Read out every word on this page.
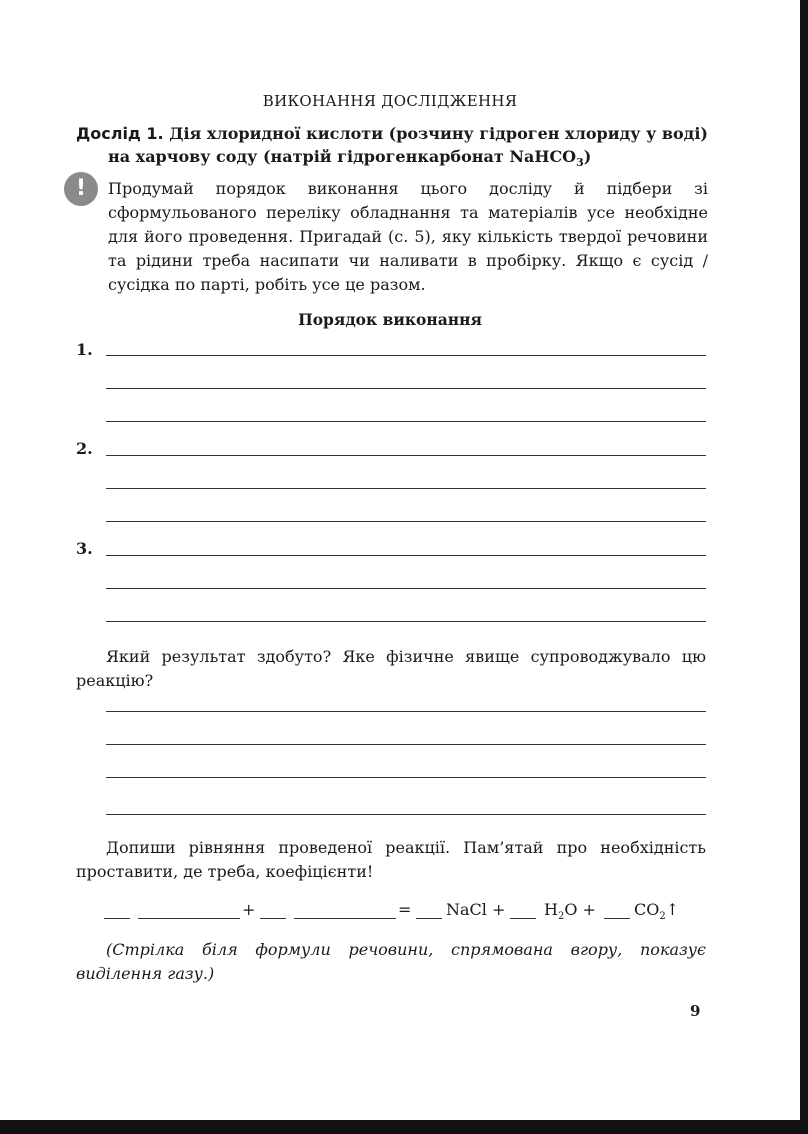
ВИКОНАННЯ ДОСЛІДЖЕННЯ
Дослід 1. Дія хлоридної кислоти (розчину гідроген хлориду у воді)
на харчову соду (натрій гідрогенкарбонат NaHCO$_3$)
!	Продумай порядок виконання цього досліду й підбери зі сформульованого переліку обладнання та матеріалів усе необхідне для його проведення. Пригадай (с. 5), яку кількість твердої речовини та рідини треба насипати чи наливати в пробірку. Якщо є сусід / сусідка по парті, робіть усе це разом.
Порядок виконання
1.
2.
3.
Який результат здобуто? Яке фізичне явище супроводжувало цю реакцію?
Допиши рівняння проведеної реакції. Пам’ятай про необхідність проставити, де треба, коефіцієнти!
+	= NaCl + $H_2O$ + $CO_2↑$
(Стрілка біля формули речовини, спрямована вгору, показує виділення газу.)
9
